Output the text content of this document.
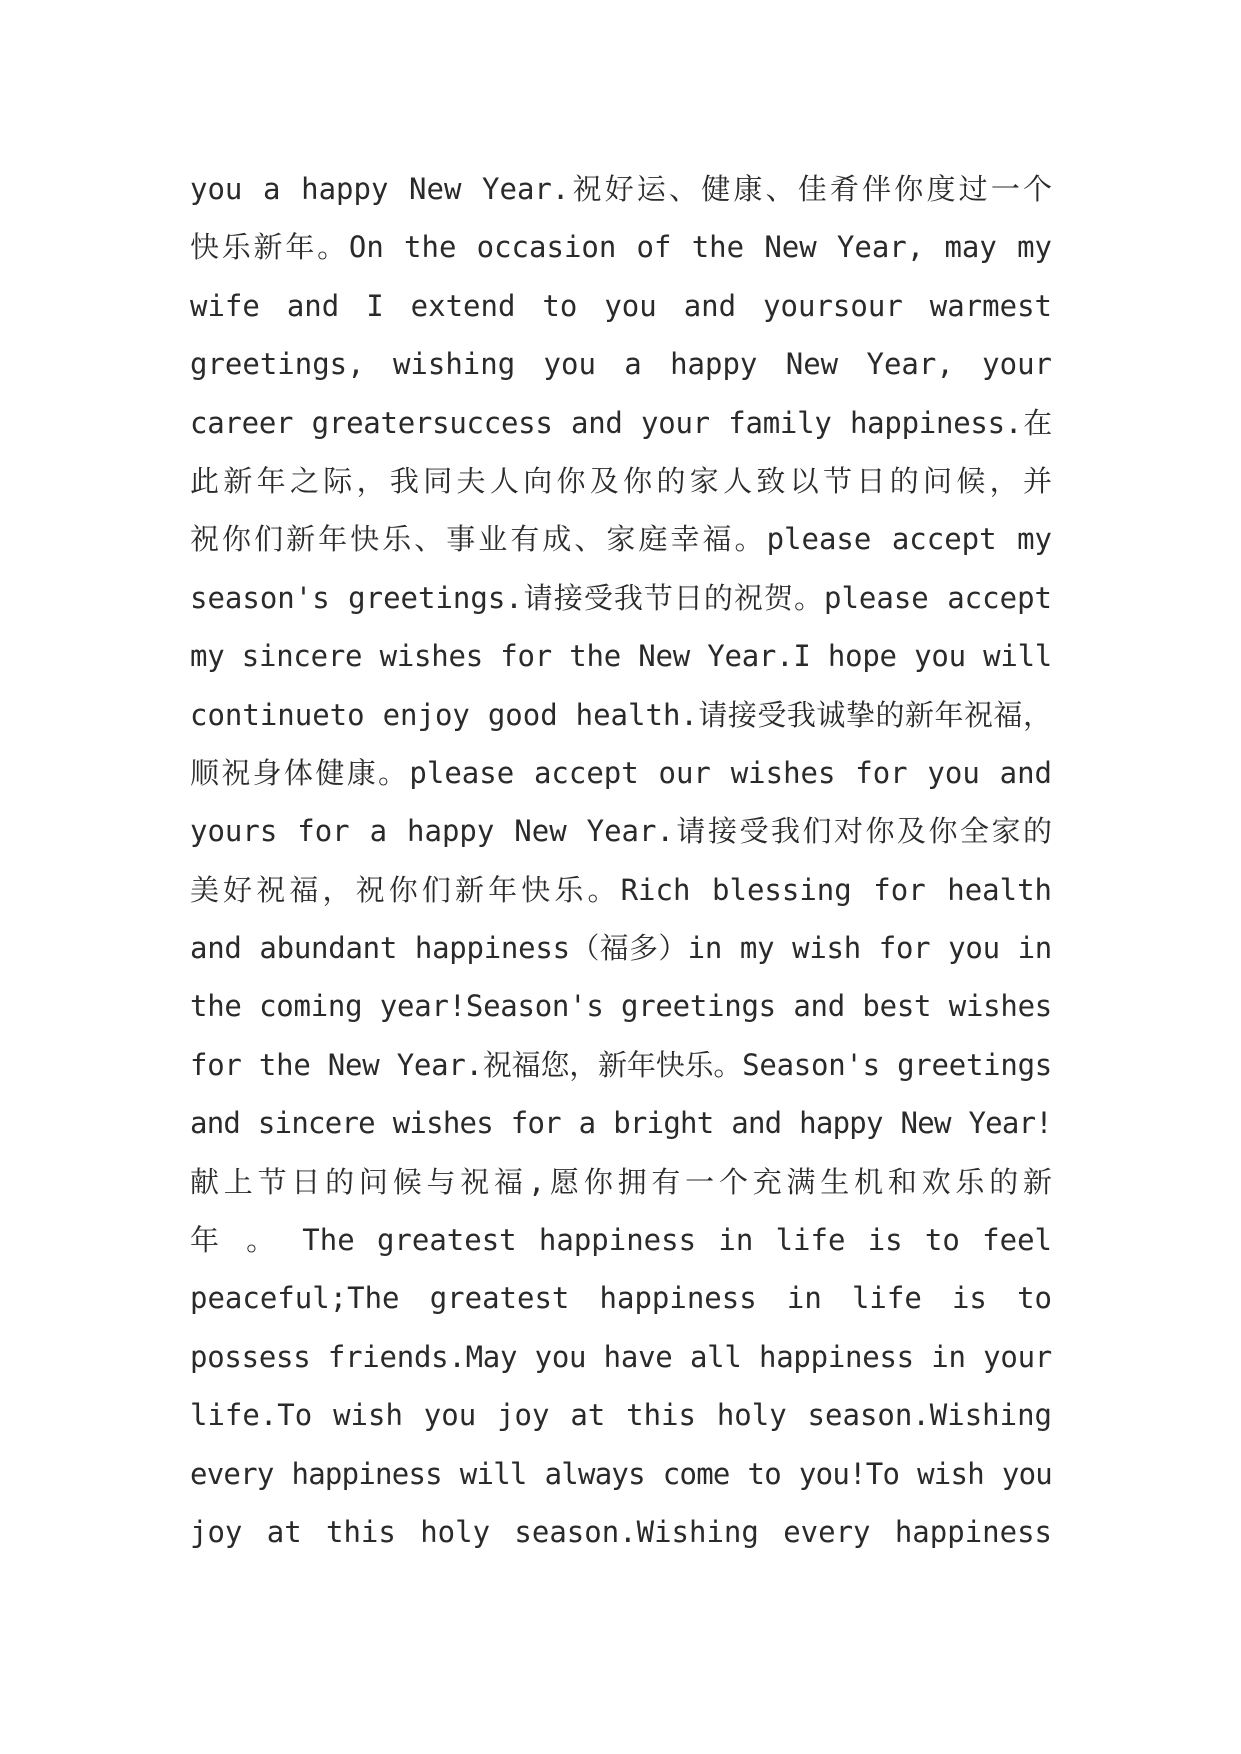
you a happy New Year.祝好运、健康、佳肴伴你度过一个
快乐新年。On the occasion of the New Year, may my
wife and I extend to you and yoursour warmest
greetings, wishing you a happy New Year, your
career greatersuccess and your family happiness.在
此新年之际，我同夫人向你及你的家人致以节日的问候，并
祝你们新年快乐、事业有成、家庭幸福。please accept my
season's greetings.请接受我节日的祝贺。please accept
my sincere wishes for the New Year.I hope you will
continueto enjoy good health.请接受我诚挚的新年祝福，
顺祝身体健康。please accept our wishes for you and
yours for a happy New Year.请接受我们对你及你全家的
美好祝福，祝你们新年快乐。Rich blessing for health
and abundant happiness（福多）in my wish for you in
the coming year!Season's greetings and best wishes
for the New Year.祝福您，新年快乐。Season's greetings
and sincere wishes for a bright and happy New Year!
献上节日的问候与祝福,愿你拥有一个充满生机和欢乐的新
年 。 The greatest happiness in life is to feel
peaceful;The greatest happiness in life is to
possess friends.May you have all happiness in your
life.To wish you joy at this holy season.Wishing
every happiness will always come to you!To wish you
joy at this holy season.Wishing every happiness
